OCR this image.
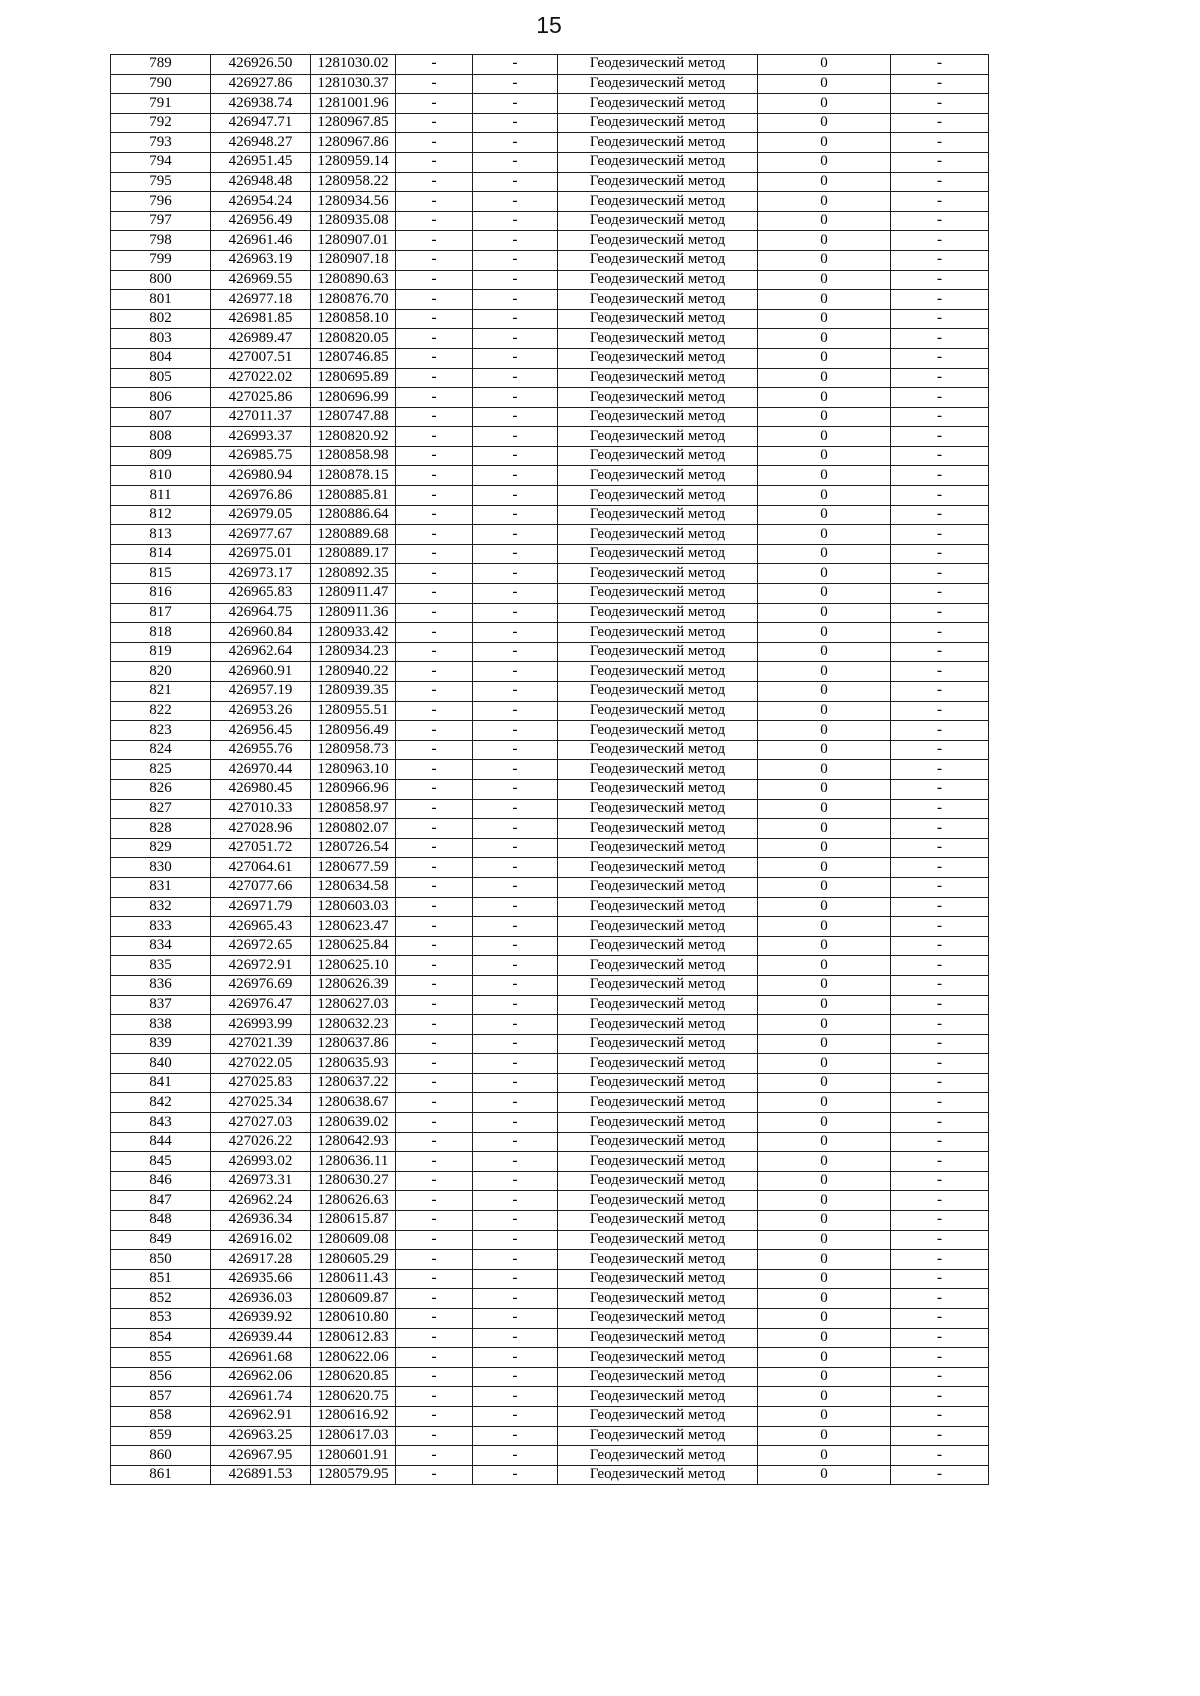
15
789	426926.50	1281030.02	-	-	Геодезический метод	0	-
790	426927.86	1281030.37	-	-	Геодезический метод	0	-
791	426938.74	1281001.96	-	-	Геодезический метод	0	-
792	426947.71	1280967.85	-	-	Геодезический метод	0	-
793	426948.27	1280967.86	-	-	Геодезический метод	0	-
794	426951.45	1280959.14	-	-	Геодезический метод	0	-
795	426948.48	1280958.22	-	-	Геодезический метод	0	-
796	426954.24	1280934.56	-	-	Геодезический метод	0	-
797	426956.49	1280935.08	-	-	Геодезический метод	0	-
798	426961.46	1280907.01	-	-	Геодезический метод	0	-
799	426963.19	1280907.18	-	-	Геодезический метод	0	-
800	426969.55	1280890.63	-	-	Геодезический метод	0	-
801	426977.18	1280876.70	-	-	Геодезический метод	0	-
802	426981.85	1280858.10	-	-	Геодезический метод	0	-
803	426989.47	1280820.05	-	-	Геодезический метод	0	-
804	427007.51	1280746.85	-	-	Геодезический метод	0	-
805	427022.02	1280695.89	-	-	Геодезический метод	0	-
806	427025.86	1280696.99	-	-	Геодезический метод	0	-
807	427011.37	1280747.88	-	-	Геодезический метод	0	-
808	426993.37	1280820.92	-	-	Геодезический метод	0	-
809	426985.75	1280858.98	-	-	Геодезический метод	0	-
810	426980.94	1280878.15	-	-	Геодезический метод	0	-
811	426976.86	1280885.81	-	-	Геодезический метод	0	-
812	426979.05	1280886.64	-	-	Геодезический метод	0	-
813	426977.67	1280889.68	-	-	Геодезический метод	0	-
814	426975.01	1280889.17	-	-	Геодезический метод	0	-
815	426973.17	1280892.35	-	-	Геодезический метод	0	-
816	426965.83	1280911.47	-	-	Геодезический метод	0	-
817	426964.75	1280911.36	-	-	Геодезический метод	0	-
818	426960.84	1280933.42	-	-	Геодезический метод	0	-
819	426962.64	1280934.23	-	-	Геодезический метод	0	-
820	426960.91	1280940.22	-	-	Геодезический метод	0	-
821	426957.19	1280939.35	-	-	Геодезический метод	0	-
822	426953.26	1280955.51	-	-	Геодезический метод	0	-
823	426956.45	1280956.49	-	-	Геодезический метод	0	-
824	426955.76	1280958.73	-	-	Геодезический метод	0	-
825	426970.44	1280963.10	-	-	Геодезический метод	0	-
826	426980.45	1280966.96	-	-	Геодезический метод	0	-
827	427010.33	1280858.97	-	-	Геодезический метод	0	-
828	427028.96	1280802.07	-	-	Геодезический метод	0	-
829	427051.72	1280726.54	-	-	Геодезический метод	0	-
830	427064.61	1280677.59	-	-	Геодезический метод	0	-
831	427077.66	1280634.58	-	-	Геодезический метод	0	-
832	426971.79	1280603.03	-	-	Геодезический метод	0	-
833	426965.43	1280623.47	-	-	Геодезический метод	0	-
834	426972.65	1280625.84	-	-	Геодезический метод	0	-
835	426972.91	1280625.10	-	-	Геодезический метод	0	-
836	426976.69	1280626.39	-	-	Геодезический метод	0	-
837	426976.47	1280627.03	-	-	Геодезический метод	0	-
838	426993.99	1280632.23	-	-	Геодезический метод	0	-
839	427021.39	1280637.86	-	-	Геодезический метод	0	-
840	427022.05	1280635.93	-	-	Геодезический метод	0	-
841	427025.83	1280637.22	-	-	Геодезический метод	0	-
842	427025.34	1280638.67	-	-	Геодезический метод	0	-
843	427027.03	1280639.02	-	-	Геодезический метод	0	-
844	427026.22	1280642.93	-	-	Геодезический метод	0	-
845	426993.02	1280636.11	-	-	Геодезический метод	0	-
846	426973.31	1280630.27	-	-	Геодезический метод	0	-
847	426962.24	1280626.63	-	-	Геодезический метод	0	-
848	426936.34	1280615.87	-	-	Геодезический метод	0	-
849	426916.02	1280609.08	-	-	Геодезический метод	0	-
850	426917.28	1280605.29	-	-	Геодезический метод	0	-
851	426935.66	1280611.43	-	-	Геодезический метод	0	-
852	426936.03	1280609.87	-	-	Геодезический метод	0	-
853	426939.92	1280610.80	-	-	Геодезический метод	0	-
854	426939.44	1280612.83	-	-	Геодезический метод	0	-
855	426961.68	1280622.06	-	-	Геодезический метод	0	-
856	426962.06	1280620.85	-	-	Геодезический метод	0	-
857	426961.74	1280620.75	-	-	Геодезический метод	0	-
858	426962.91	1280616.92	-	-	Геодезический метод	0	-
859	426963.25	1280617.03	-	-	Геодезический метод	0	-
860	426967.95	1280601.91	-	-	Геодезический метод	0	-
861	426891.53	1280579.95	-	-	Геодезический метод	0	-
